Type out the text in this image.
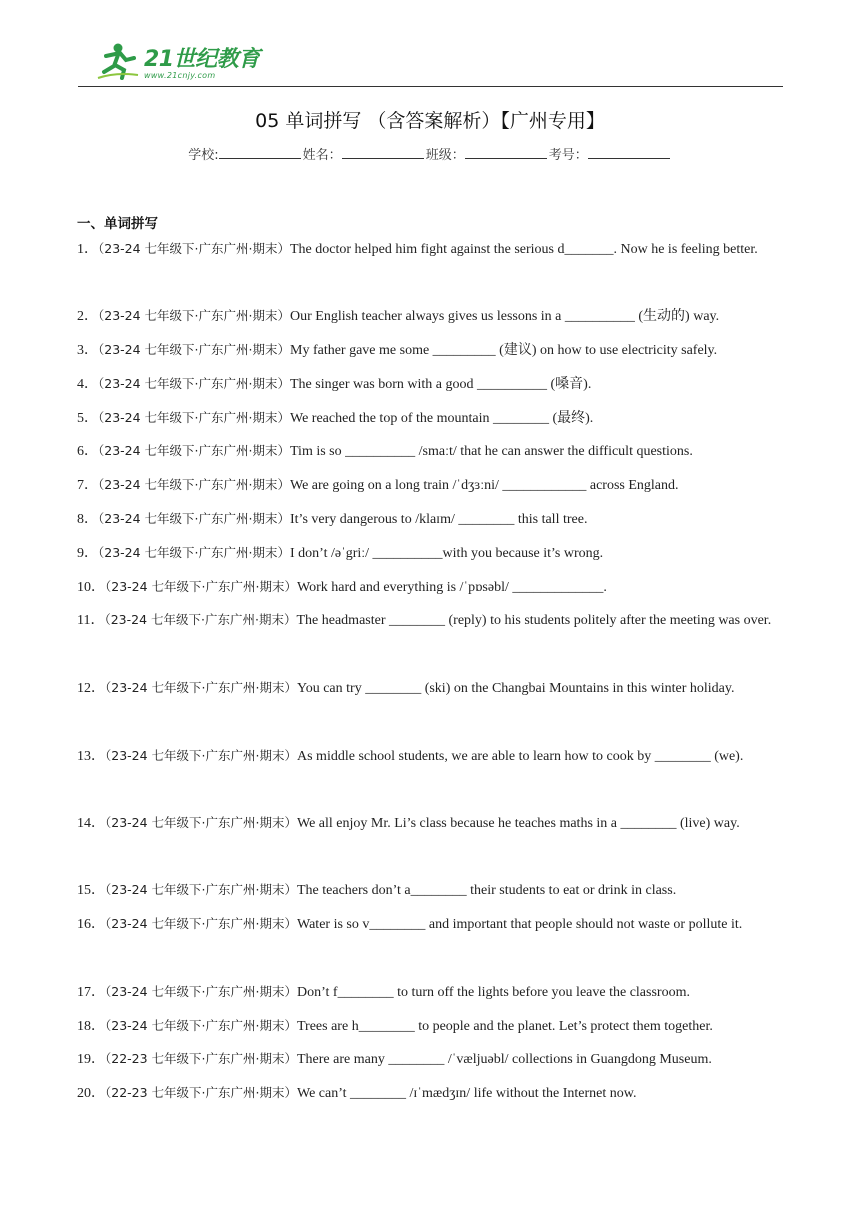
21世纪教育
www.21cnjy.com
05 单词拼写 （含答案解析）【广州专用】
学校:	姓名：	班级：	考号：
一、单词拼写
1．（23-24 七年级下·广东广州·期末）The doctor helped him fight against the serious d_______. Now he is feeling better.
2．（23-24 七年级下·广东广州·期末）Our English teacher always gives us lessons in a __________ (生动的) way.
3．（23-24 七年级下·广东广州·期末）My father gave me some _________ (建议) on how to use electricity safely.
4．（23-24 七年级下·广东广州·期末）The singer was born with a good __________ (嗓音).
5．（23-24 七年级下·广东广州·期末）We reached the top of the mountain ________ (最终).
6．（23-24 七年级下·广东广州·期末）Tim is so __________ /smaːt/ that he can answer the difficult questions.
7．（23-24 七年级下·广东广州·期末）We are going on a long train /ˈdʒɜːni/ ____________ across England.
8．（23-24 七年级下·广东广州·期末）It’s very dangerous to /klaɪm/ ________ this tall tree.
9．（23-24 七年级下·广东广州·期末）I don’t /əˈgriː/ __________with you because it’s wrong.
10．（23-24 七年级下·广东广州·期末）Work hard and everything is /ˈpɒsəbl/ _____________.
11．（23-24 七年级下·广东广州·期末）The headmaster ________ (reply) to his students politely after the meeting was over.
12．（23-24 七年级下·广东广州·期末）You can try ________ (ski) on the Changbai Mountains in this winter holiday.
13．（23-24 七年级下·广东广州·期末）As middle school students, we are able to learn how to cook by ________ (we).
14．（23-24 七年级下·广东广州·期末）We all enjoy Mr. Li’s class because he teaches maths in a ________ (live) way.
15．（23-24 七年级下·广东广州·期末）The teachers don’t a________ their students to eat or drink in class.
16．（23-24 七年级下·广东广州·期末）Water is so v________ and important that people should not waste or pollute it.
17．（23-24 七年级下·广东广州·期末）Don’t f________ to turn off the lights before you leave the classroom.
18．（23-24 七年级下·广东广州·期末）Trees are h________ to people and the planet. Let’s protect them together.
19．（22-23 七年级下·广东广州·期末）There are many ________ /ˈvæljuəbl/ collections in Guangdong Museum.
20．（22-23 七年级下·广东广州·期末）We can’t ________ /ɪˈmædʒɪn/ life without the Internet now.
